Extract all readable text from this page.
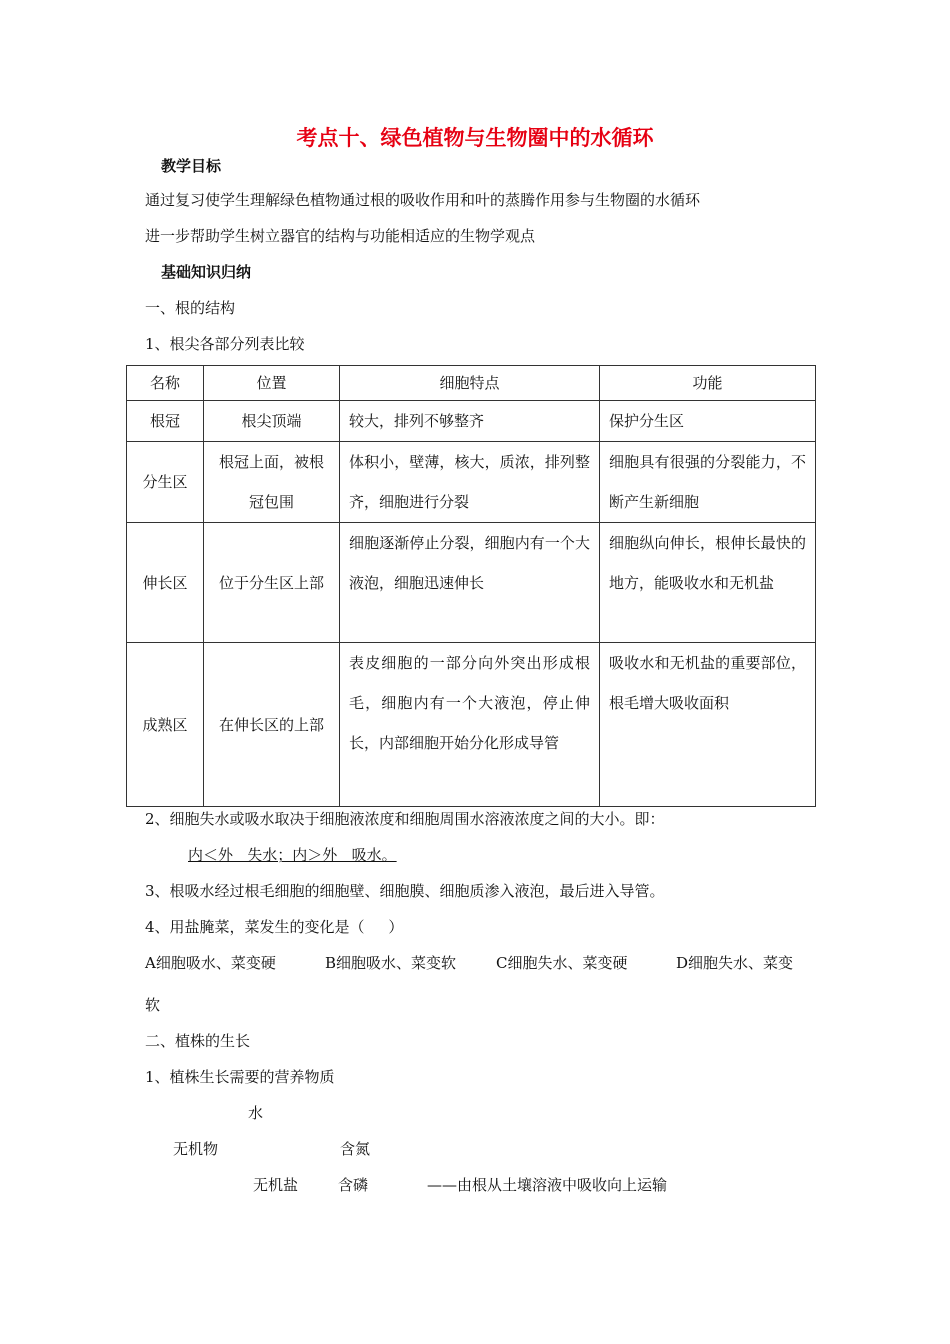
考点十、绿色植物与生物圈中的水循环
教学目标
通过复习使学生理解绿色植物通过根的吸收作用和叶的蒸腾作用参与生物圈的水循环
进一步帮助学生树立器官的结构与功能相适应的生物学观点
基础知识归纳
一、根的结构
1、根尖各部分列表比较
名称	位置	细胞特点	功能
根冠	根尖顶端	较大，排列不够整齐	保护分生区
分生区	根冠上面，被根冠包围	体积小，壁薄，核大，质浓，排列整齐，细胞进行分裂	细胞具有很强的分裂能力，不断产生新细胞
伸长区	位于分生区上部	细胞逐渐停止分裂，细胞内有一个大液泡，细胞迅速伸长	细胞纵向伸长，根伸长最快的地方，能吸收水和无机盐
成熟区	在伸长区的上部	表皮细胞的一部分向外突出形成根毛，细胞内有一个大液泡，停止伸长，内部细胞开始分化形成导管	吸收水和无机盐的重要部位，根毛增大吸收面积
2、细胞失水或吸水取决于细胞液浓度和细胞周围水溶液浓度之间的大小。即：
内＜外   失水；内＞外   吸水。
3、根吸水经过根毛细胞的细胞壁、细胞膜、细胞质渗入液泡，最后进入导管。
4、用盐腌菜，菜发生的变化是（     ）
A细胞吸水、菜变硬	B细胞吸水、菜变软	C细胞失水、菜变硬	D细胞失水、菜变
软
二、植株的生长
1、植株生长需要的营养物质
水
无机物	含氮
无机盐	含磷	——由根从土壤溶液中吸收向上运输
